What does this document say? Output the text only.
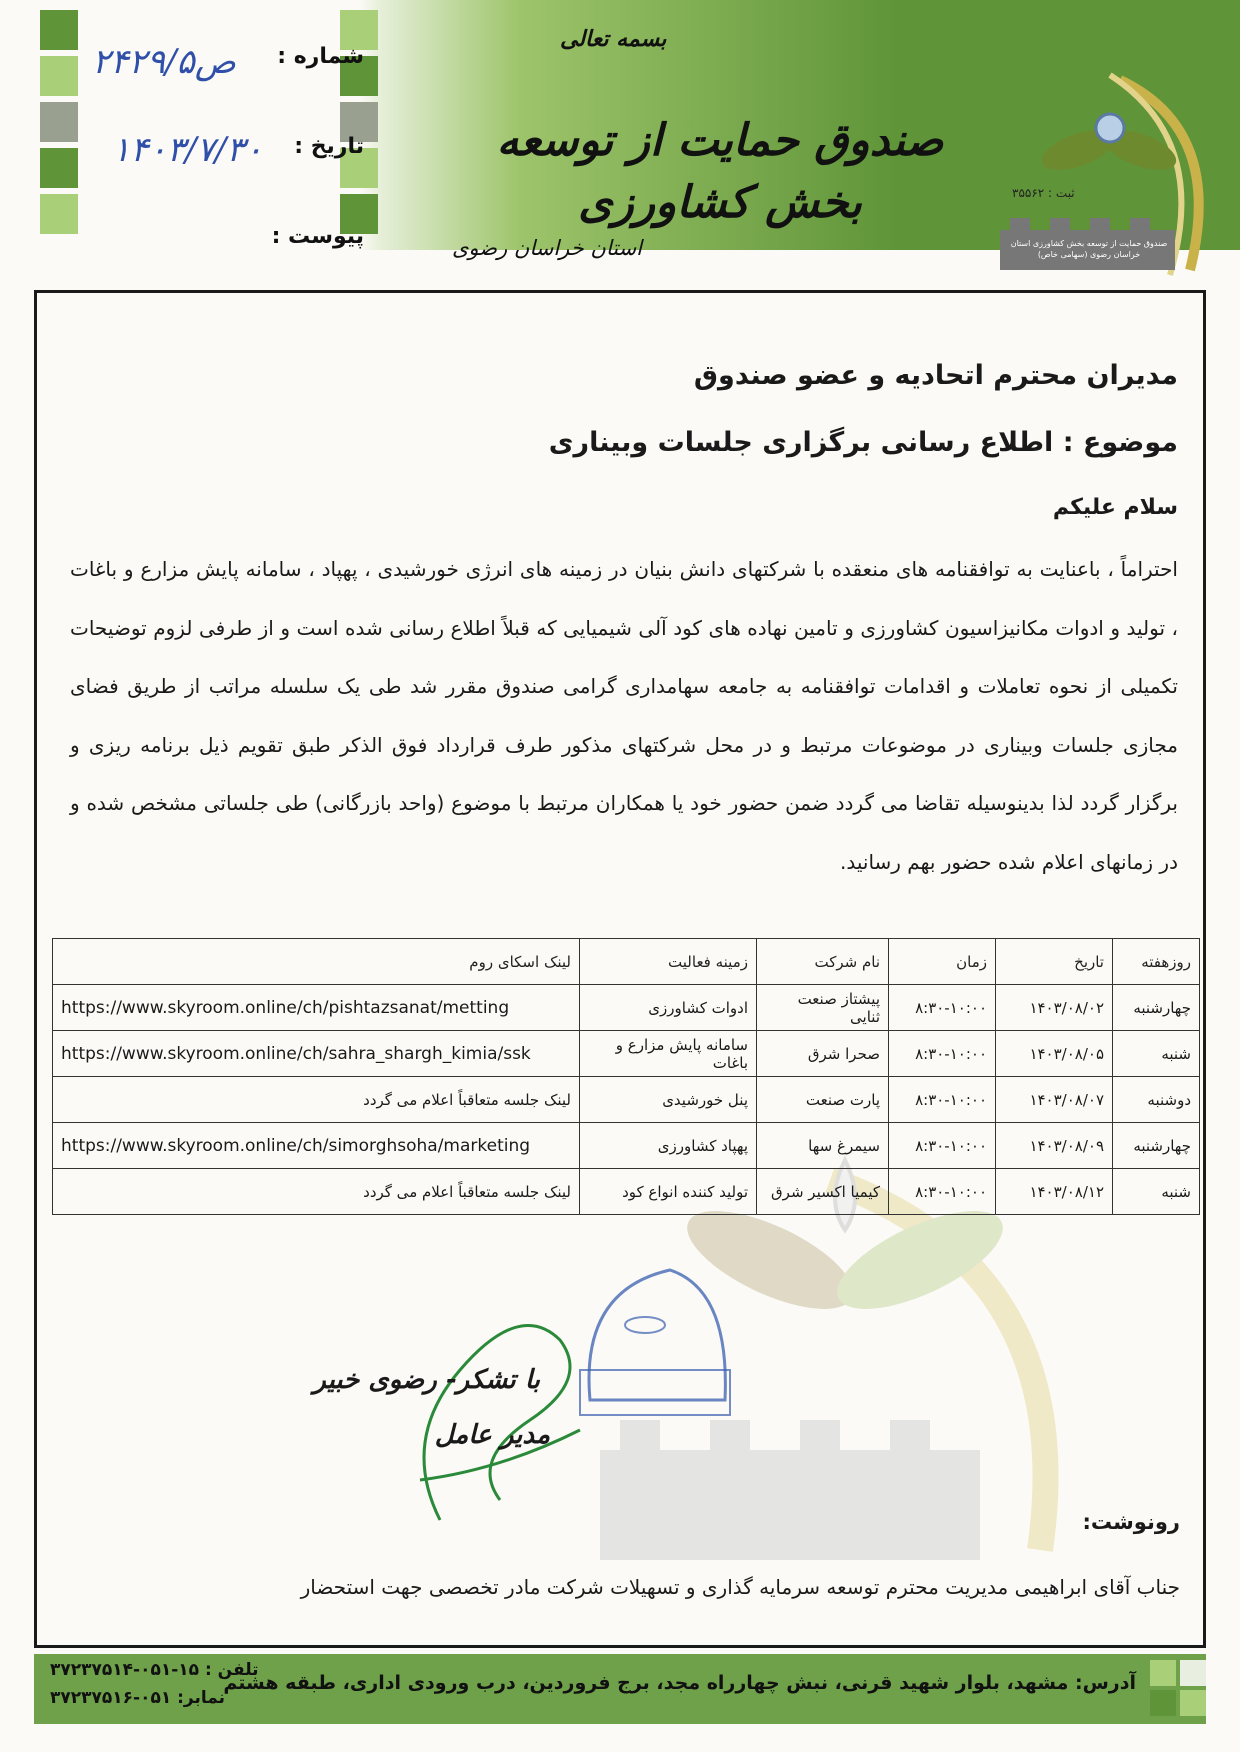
شماره :
۲۴۲۹/ص۵
تاریخ :
۱۴۰۳/۷/۳۰
پیوست :
بسمه تعالی
صندوق حمایت از توسعه بخش کشاورزی
استان خراسان رضوی
ثبت : ۳۵۵۶۲
صندوق حمایت از توسعه بخش کشاورزی استان خراسان رضوی (سهامی خاص)
مدیران محترم اتحادیه و عضو صندوق
موضوع : اطلاع رسانی برگزاری جلسات وبیناری
سلام علیکم
احتراماً ، باعنایت به توافقنامه های منعقده با شرکتهای دانش بنیان در زمینه های انرژی خورشیدی ، پهپاد ، سامانه پایش مزارع و باغات ، تولید و ادوات مکانیزاسیون کشاورزی و تامین نهاده های کود آلی شیمیایی که قبلاً اطلاع رسانی شده است و از طرفی لزوم توضیحات تکمیلی از نحوه تعاملات و اقدامات توافقنامه به جامعه سهامداری گرامی صندوق مقرر شد طی یک سلسله مراتب از طریق فضای مجازی جلسات وبیناری در موضوعات مرتبط و در محل شرکتهای مذکور طرف قرارداد فوق الذکر طبق تقویم ذیل برنامه ریزی و برگزار گردد لذا بدینوسیله تقاضا می گردد ضمن حضور خود یا همکاران مرتبط با موضوع (واحد بازرگانی) طی جلساتی مشخص شده و در زمانهای اعلام شده حضور بهم رسانید.
روزهفته	تاریخ	زمان	نام شرکت	زمینه فعالیت	لینک اسکای روم
چهارشنبه	۱۴۰۳/۰۸/۰۲	۸:۳۰-۱۰:۰۰	پیشتاز صنعت ثنایی	ادوات کشاورزی	https://www.skyroom.online/ch/pishtazsanat/metting
شنبه	۱۴۰۳/۰۸/۰۵	۸:۳۰-۱۰:۰۰	صحرا شرق	سامانه پایش مزارع و باغات	https://www.skyroom.online/ch/sahra_shargh_kimia/ssk
دوشنبه	۱۴۰۳/۰۸/۰۷	۸:۳۰-۱۰:۰۰	پارت صنعت	پنل خورشیدی	لینک جلسه متعاقباً اعلام می گردد
چهارشنبه	۱۴۰۳/۰۸/۰۹	۸:۳۰-۱۰:۰۰	سیمرغ سها	پهپاد کشاورزی	https://www.skyroom.online/ch/simorghsoha/marketing
شنبه	۱۴۰۳/۰۸/۱۲	۸:۳۰-۱۰:۰۰	کیمیا اکسیر شرق	تولید کننده انواع کود	لینک جلسه متعاقباً اعلام می گردد
با تشکر- رضوی خبیر
مدیر عامل
رونوشت:
جناب آقای ابراهیمی مدیریت محترم توسعه سرمایه گذاری و تسهیلات شرکت مادر تخصصی جهت استحضار
آدرس: مشهد، بلوار شهید قرنی، نبش چهارراه مجد، برج فروردین، درب ورودی اداری، طبقه هشتم
تلفن : ۱۵-۰۵۱-۳۷۲۳۷۵۱۴
نمابر: ۰۵۱-۳۷۲۳۷۵۱۶
